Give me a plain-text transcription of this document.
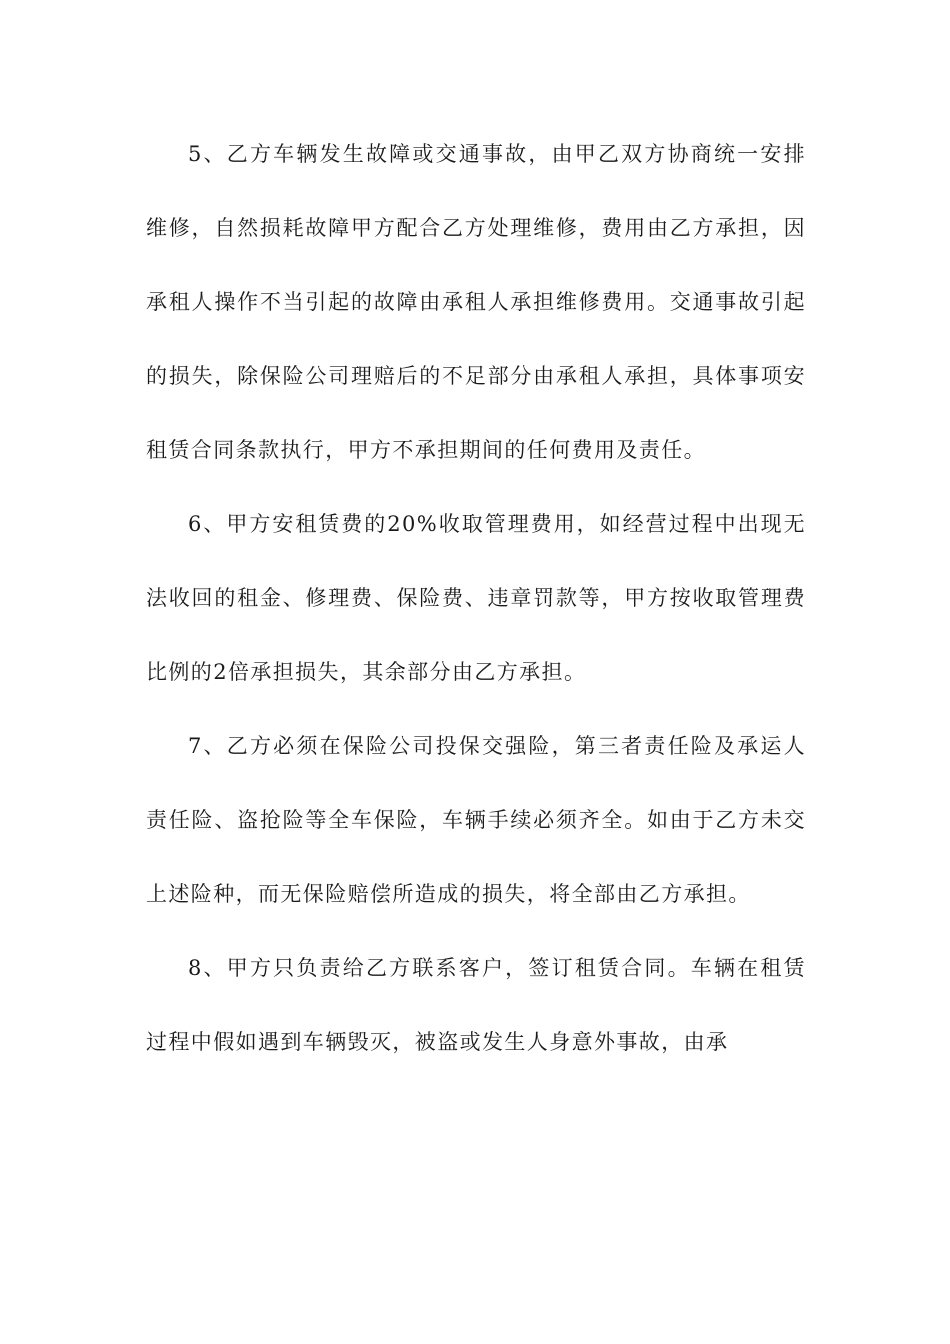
5、乙方车辆发生故障或交通事故，由甲乙双方协商统一安排维修，自然损耗故障甲方配合乙方处理维修，费用由乙方承担，因承租人操作不当引起的故障由承租人承担维修费用。交通事故引起的损失，除保险公司理赔后的不足部分由承租人承担，具体事项安租赁合同条款执行，甲方不承担期间的任何费用及责任。

6、甲方安租赁费的20%收取管理费用，如经营过程中出现无法收回的租金、修理费、保险费、违章罚款等，甲方按收取管理费比例的2倍承担损失，其余部分由乙方承担。

7、乙方必须在保险公司投保交强险，第三者责任险及承运人责任险、盗抢险等全车保险，车辆手续必须齐全。如由于乙方未交上述险种，而无保险赔偿所造成的损失，将全部由乙方承担。

8、甲方只负责给乙方联系客户，签订租赁合同。车辆在租赁过程中假如遇到车辆毁灭，被盗或发生人身意外事故，由承
